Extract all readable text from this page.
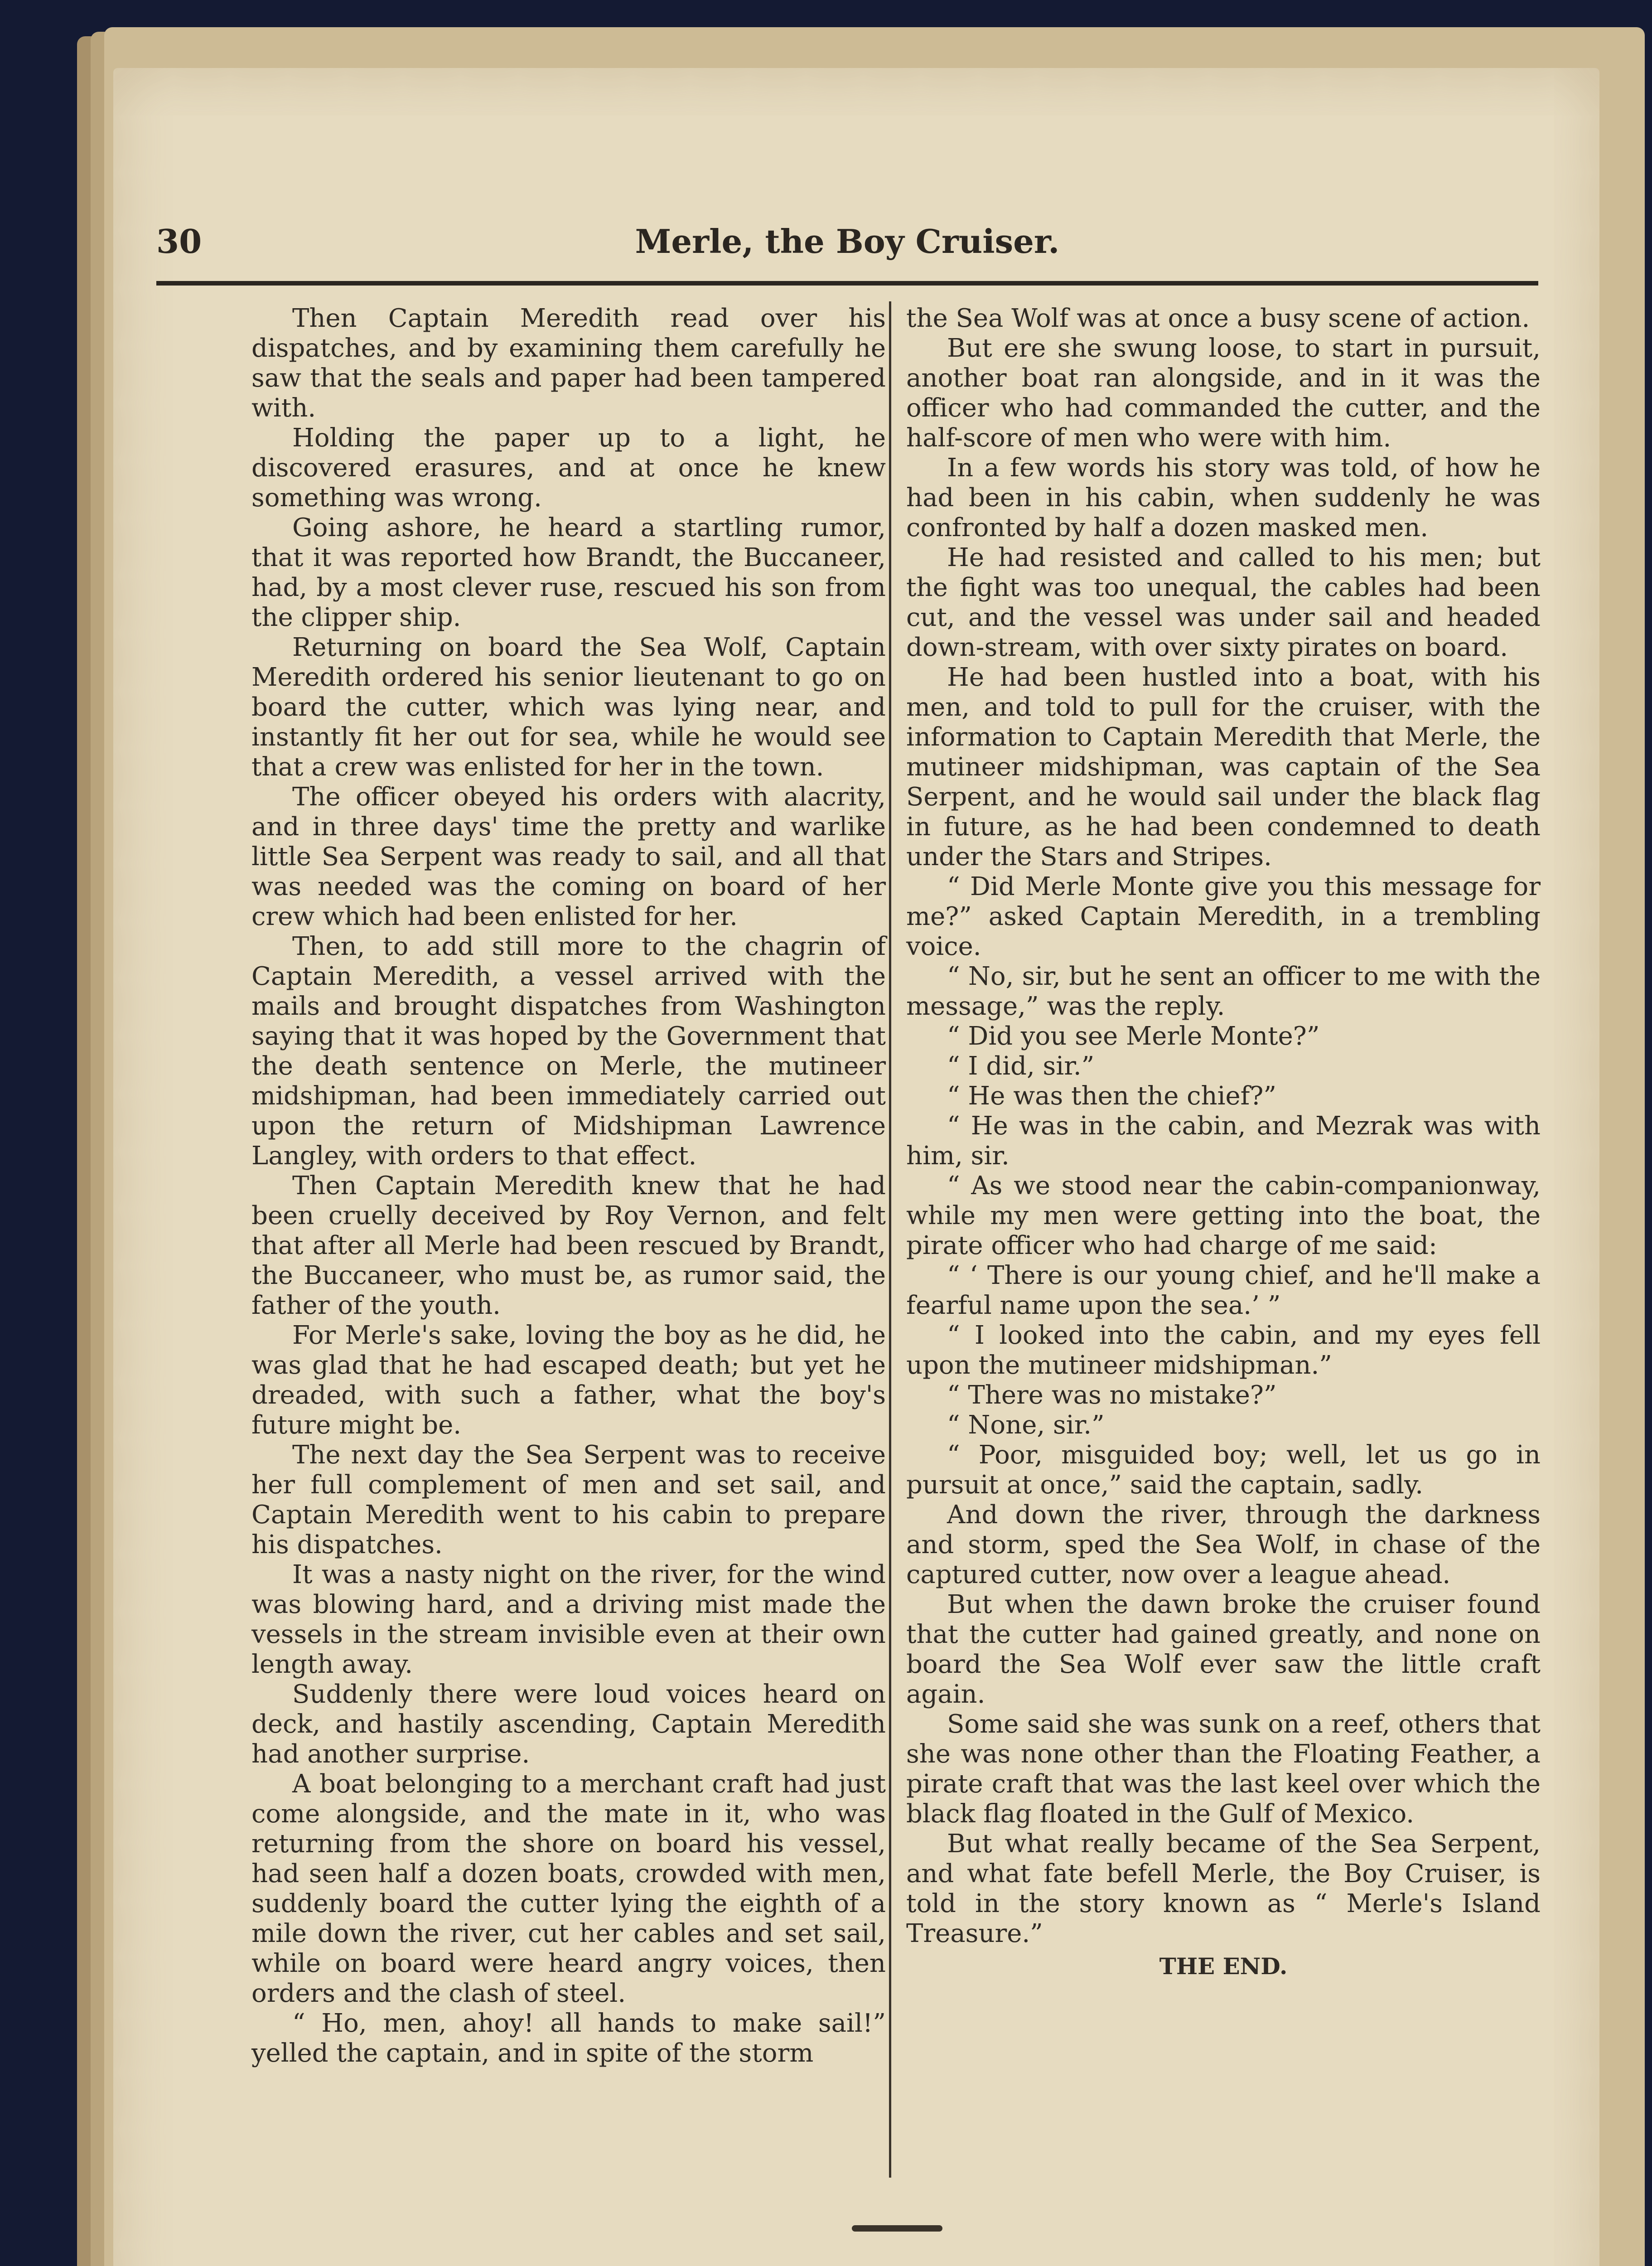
30	Merle, the Boy Cruiser.

Then Captain Meredith read over his dispatches, and by examining them carefully he saw that the seals and paper had been tampered with.

Holding the paper up to a light, he discovered erasures, and at once he knew something was wrong.

Going ashore, he heard a startling rumor, that it was reported how Brandt, the Buccaneer, had, by a most clever ruse, rescued his son from the clipper ship.

Returning on board the Sea Wolf, Captain Meredith ordered his senior lieutenant to go on board the cutter, which was lying near, and instantly fit her out for sea, while he would see that a crew was enlisted for her in the town.

The officer obeyed his orders with alacrity, and in three days' time the pretty and warlike little Sea Serpent was ready to sail, and all that was needed was the coming on board of her crew which had been enlisted for her.

Then, to add still more to the chagrin of Captain Meredith, a vessel arrived with the mails and brought dispatches from Washington saying that it was hoped by the Government that the death sentence on Merle, the mutineer midshipman, had been immediately carried out upon the return of Midshipman Lawrence Langley, with orders to that effect.

Then Captain Meredith knew that he had been cruelly deceived by Roy Vernon, and felt that after all Merle had been rescued by Brandt, the Buccaneer, who must be, as rumor said, the father of the youth.

For Merle's sake, loving the boy as he did, he was glad that he had escaped death; but yet he dreaded, with such a father, what the boy's future might be.

The next day the Sea Serpent was to receive her full complement of men and set sail, and Captain Meredith went to his cabin to prepare his dispatches.

It was a nasty night on the river, for the wind was blowing hard, and a driving mist made the vessels in the stream invisible even at their own length away.

Suddenly there were loud voices heard on deck, and hastily ascending, Captain Meredith had another surprise.

A boat belonging to a merchant craft had just come alongside, and the mate in it, who was returning from the shore on board his vessel, had seen half a dozen boats, crowded with men, suddenly board the cutter lying the eighth of a mile down the river, cut her cables and set sail, while on board were heard angry voices, then orders and the clash of steel.

“ Ho, men, ahoy! all hands to make sail!” yelled the captain, and in spite of the storm

the Sea Wolf was at once a busy scene of action.

But ere she swung loose, to start in pursuit, another boat ran alongside, and in it was the officer who had commanded the cutter, and the half-score of men who were with him.

In a few words his story was told, of how he had been in his cabin, when suddenly he was confronted by half a dozen masked men.

He had resisted and called to his men; but the fight was too unequal, the cables had been cut, and the vessel was under sail and headed down-stream, with over sixty pirates on board.

He had been hustled into a boat, with his men, and told to pull for the cruiser, with the information to Captain Meredith that Merle, the mutineer midshipman, was captain of the Sea Serpent, and he would sail under the black flag in future, as he had been condemned to death under the Stars and Stripes.

“ Did Merle Monte give you this message for me?” asked Captain Meredith, in a trembling voice.

“ No, sir, but he sent an officer to me with the message,” was the reply.

“ Did you see Merle Monte?”

“ I did, sir.”

“ He was then the chief?”

“ He was in the cabin, and Mezrak was with him, sir.

“ As we stood near the cabin-companionway, while my men were getting into the boat, the pirate officer who had charge of me said:

“ ‘ There is our young chief, and he'll make a fearful name upon the sea.’ ”

“ I looked into the cabin, and my eyes fell upon the mutineer midshipman.”

“ There was no mistake?”

“ None, sir.”

“ Poor, misguided boy; well, let us go in pursuit at once,” said the captain, sadly.

And down the river, through the darkness and storm, sped the Sea Wolf, in chase of the captured cutter, now over a league ahead.

But when the dawn broke the cruiser found that the cutter had gained greatly, and none on board the Sea Wolf ever saw the little craft again.

Some said she was sunk on a reef, others that she was none other than the Floating Feather, a pirate craft that was the last keel over which the black flag floated in the Gulf of Mexico.

But what really became of the Sea Serpent, and what fate befell Merle, the Boy Cruiser, is told in the story known as “ Merle's Island Treasure.”

THE END.
